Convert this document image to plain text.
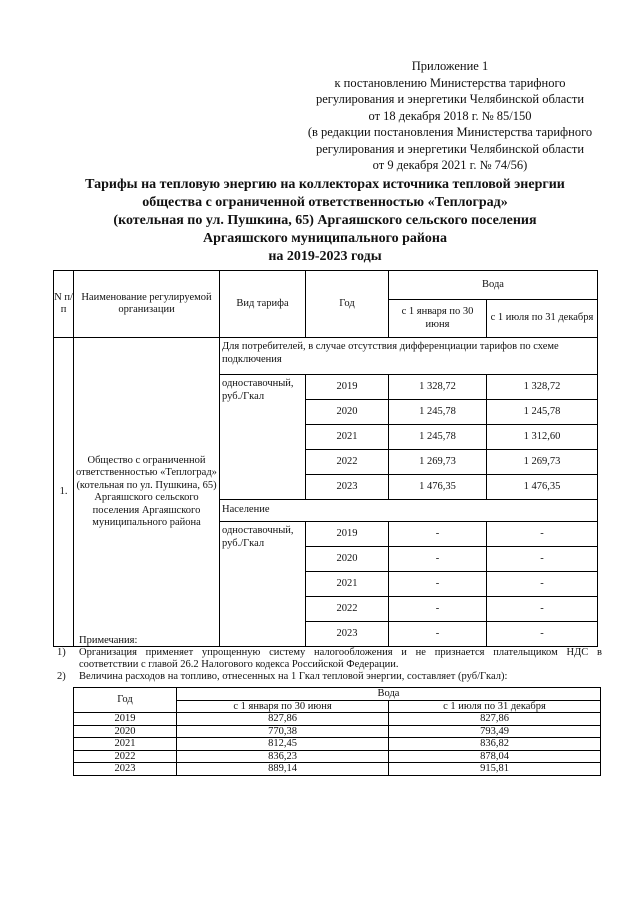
Приложение 1
к постановлению Министерства тарифного
регулирования и энергетики Челябинской области
от 18 декабря 2018 г. № 85/150
(в редакции постановления Министерства тарифного
регулирования и энергетики Челябинской области
от 9 декабря 2021 г. № 74/56)
Тарифы на тепловую энергию на коллекторах источника тепловой энергии
общества с ограниченной ответственностью «Теплоград»
(котельная по ул. Пушкина, 65) Аргаяшского сельского поселения
Аргаяшского муниципального района
на 2019-2023 годы
N п/п	Наименование регулируемой организации	Вид тарифа	Год	Вода	
				с 1 января по 30 июня	с 1 июля по 31 декабря
1.	Общество с ограниченной ответственностью «Теплоград» (котельная по ул. Пушкина, 65) Аргаяшского сельского поселения Аргаяшского муниципального района	Для потребителей, в случае отсутствия дифференциации тарифов по схеме подключения			
		одноставочный, руб./Гкал	2019	1 328,72	1 328,72
			2020	1 245,78	1 245,78
			2021	1 245,78	1 312,60
			2022	1 269,73	1 269,73
			2023	1 476,35	1 476,35
		Население			
		одноставочный, руб./Гкал	2019	-	-
			2020	-	-
			2021	-	-
			2022	-	-
			2023	-	-
Примечания:
1)	Организация применяет упрощенную систему налогообложения и не признается плательщиком НДС в соответствии с главой 26.2 Налогового кодекса Российской Федерации.
2)	Величина расходов на топливо, отнесенных на 1 Гкал тепловой энергии, составляет (руб/Гкал):
Год	Вода	
	с 1 января по 30 июня	с 1 июля по 31 декабря
2019	827,86	827,86
2020	770,38	793,49
2021	812,45	836,82
2022	836,23	878,04
2023	889,14	915,81
